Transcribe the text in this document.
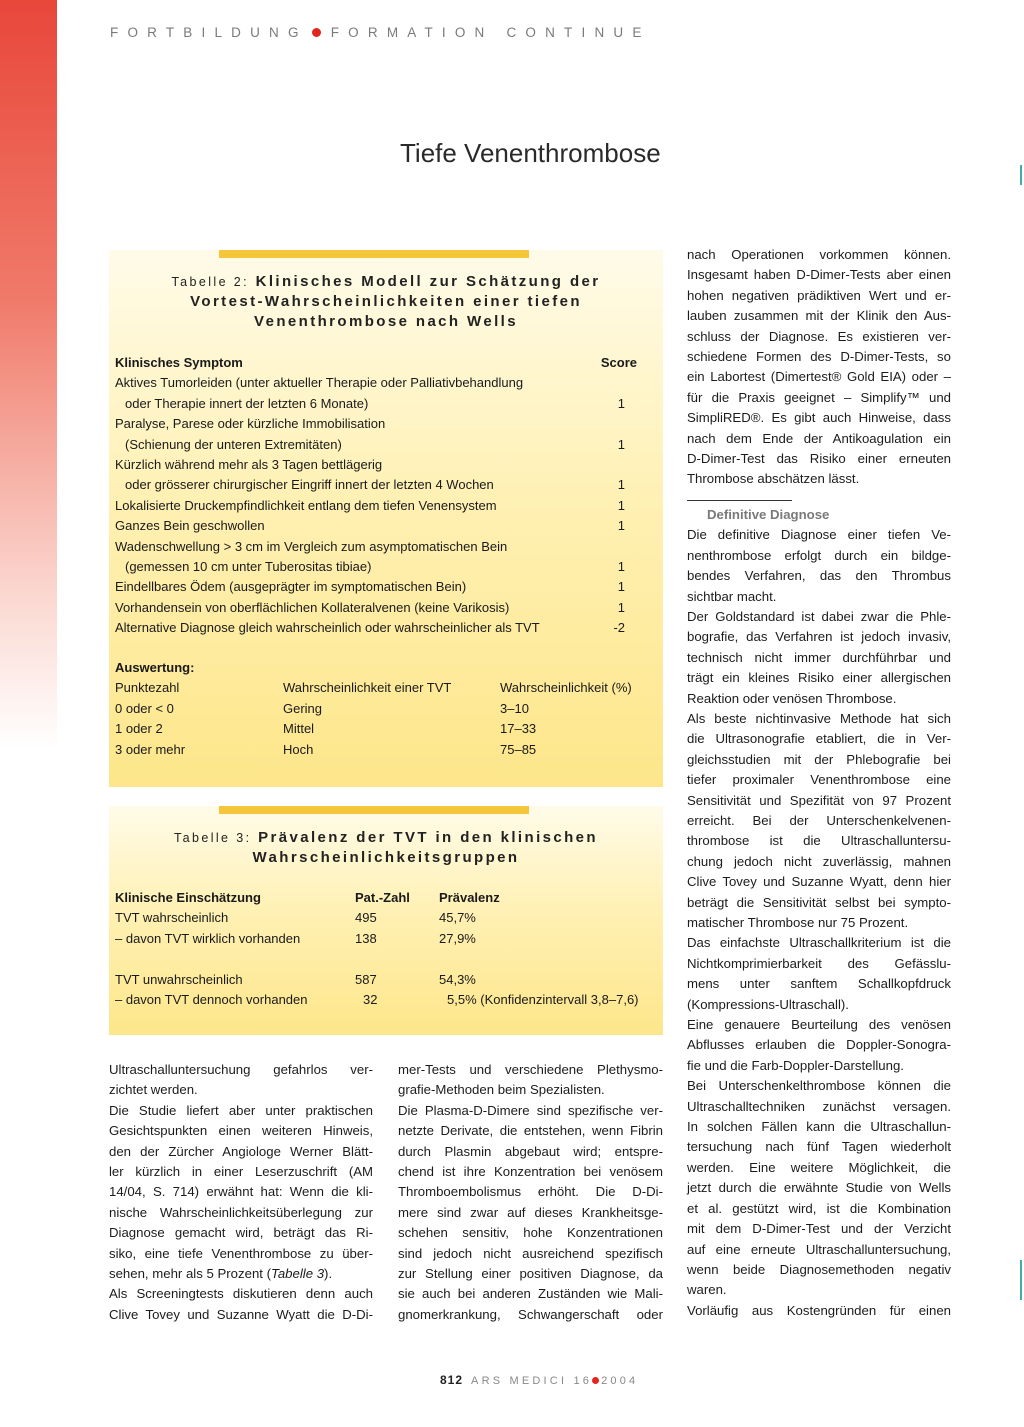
FORTBILDUNG FORMATION CONTINUE
Tiefe Venenthrombose
Tabelle 2: Klinisches Modell zur Schätzung der
Vortest-Wahrscheinlichkeiten einer tiefen
Venenthrombose nach Wells
Klinisches Symptom	Score
Aktives Tumorleiden (unter aktueller Therapie oder Palliativbehandlung
oder Therapie innert der letzten 6 Monate)	1
Paralyse, Parese oder kürzliche Immobilisation
(Schienung der unteren Extremitäten)	1
Kürzlich während mehr als 3 Tagen bettlägerig
oder grösserer chirurgischer Eingriff innert der letzten 4 Wochen	1
Lokalisierte Druckempfindlichkeit entlang dem tiefen Venensystem	1
Ganzes Bein geschwollen	1
Wadenschwellung > 3 cm im Vergleich zum asymptomatischen Bein
(gemessen 10 cm unter Tuberositas tibiae)	1
Eindellbares Ödem (ausgeprägter im symptomatischen Bein)	1
Vorhandensein von oberflächlichen Kollateralvenen (keine Varikosis)	1
Alternative Diagnose gleich wahrscheinlich oder wahrscheinlicher als TVT	-2
Auswertung:
Punktezahl	Wahrscheinlichkeit einer TVT	Wahrscheinlichkeit (%)
0 oder < 0	Gering	3–10
1 oder 2	Mittel	17–33
3 oder mehr	Hoch	75–85
Tabelle 3: Prävalenz der TVT in den klinischen
Wahrscheinlichkeitsgruppen
Klinische Einschätzung	Pat.-Zahl Prävalenz
TVT wahrscheinlich	495	45,7%
– davon TVT wirklich vorhanden	138	27,9%
TVT unwahrscheinlich	587	54,3%
– davon TVT dennoch vorhanden	32	5,5% (Konfidenzintervall 3,8–7,6)

Ultraschalluntersuchung gefahrlos ver-
zichtet werden.

Die Studie liefert aber unter praktischen
Gesichtspunkten einen weiteren Hinweis,
den der Zürcher Angiologe Werner Blätt-
ler kürzlich in einer Leserzuschrift (AM
14/04, S. 714) erwähnt hat: Wenn die kli-
nische Wahrscheinlichkeitsüberlegung zur
Diagnose gemacht wird, beträgt das Ri-
siko, eine tiefe Venenthrombose zu über-
sehen, mehr als 5 Prozent (Tabelle 3).

Als Screeningtests diskutieren denn auch
Clive Tovey und Suzanne Wyatt die D-Di-

mer-Tests und verschiedene Plethysmo-
grafie-Methoden beim Spezialisten.

Die Plasma-D-Dimere sind spezifische ver-
netzte Derivate, die entstehen, wenn Fibrin
durch Plasmin abgebaut wird; entspre-
chend ist ihre Konzentration bei venösem
Thromboembolismus erhöht. Die D-Di-
mere sind zwar auf dieses Krankheitsge-
schehen sensitiv, hohe Konzentrationen
sind jedoch nicht ausreichend spezifisch
zur Stellung einer positiven Diagnose, da
sie auch bei anderen Zuständen wie Mali-
gnomerkrankung, Schwangerschaft oder

nach Operationen vorkommen können.
Insgesamt haben D-Dimer-Tests aber einen
hohen negativen prädiktiven Wert und er-
lauben zusammen mit der Klinik den Aus-
schluss der Diagnose. Es existieren ver-
schiedene Formen des D-Dimer-Tests, so
ein Labortest (Dimertest® Gold EIA) oder –
für die Praxis geeignet – Simplify™ und
SimpliRED®. Es gibt auch Hinweise, dass
nach dem Ende der Antikoagulation ein
D-Dimer-Test das Risiko einer erneuten
Thrombose abschätzen lässt.

Definitive Diagnose

Die definitive Diagnose einer tiefen Ve-
nenthrombose erfolgt durch ein bildge-
bendes Verfahren, das den Thrombus
sichtbar macht.

Der Goldstandard ist dabei zwar die Phle-
bografie, das Verfahren ist jedoch invasiv,
technisch nicht immer durchführbar und
trägt ein kleines Risiko einer allergischen
Reaktion oder venösen Thrombose.

Als beste nichtinvasive Methode hat sich
die Ultrasonografie etabliert, die in Ver-
gleichsstudien mit der Phlebografie bei
tiefer proximaler Venenthrombose eine
Sensitivität und Spezifität von 97 Prozent
erreicht. Bei der Unterschenkelvenen-
thrombose ist die Ultraschalluntersu-
chung jedoch nicht zuverlässig, mahnen
Clive Tovey und Suzanne Wyatt, denn hier
beträgt die Sensitivität selbst bei sympto-
matischer Thrombose nur 75 Prozent.

Das einfachste Ultraschallkriterium ist die
Nichtkomprimierbarkeit des Gefässlu-
mens unter sanftem Schallkopfdruck
(Kompressions-Ultraschall).

Eine genauere Beurteilung des venösen
Abflusses erlauben die Doppler-Sonogra-
fie und die Farb-Doppler-Darstellung.

Bei Unterschenkelthrombose können die
Ultraschalltechniken zunächst versagen.
In solchen Fällen kann die Ultraschallun-
tersuchung nach fünf Tagen wiederholt
werden. Eine weitere Möglichkeit, die
jetzt durch die erwähnte Studie von Wells
et al. gestützt wird, ist die Kombination
mit dem D-Dimer-Test und der Verzicht
auf eine erneute Ultraschalluntersuchung,
wenn beide Diagnosemethoden negativ
waren.

Vorläufig aus Kostengründen für einen

812 ARS MEDICI 16 2004
